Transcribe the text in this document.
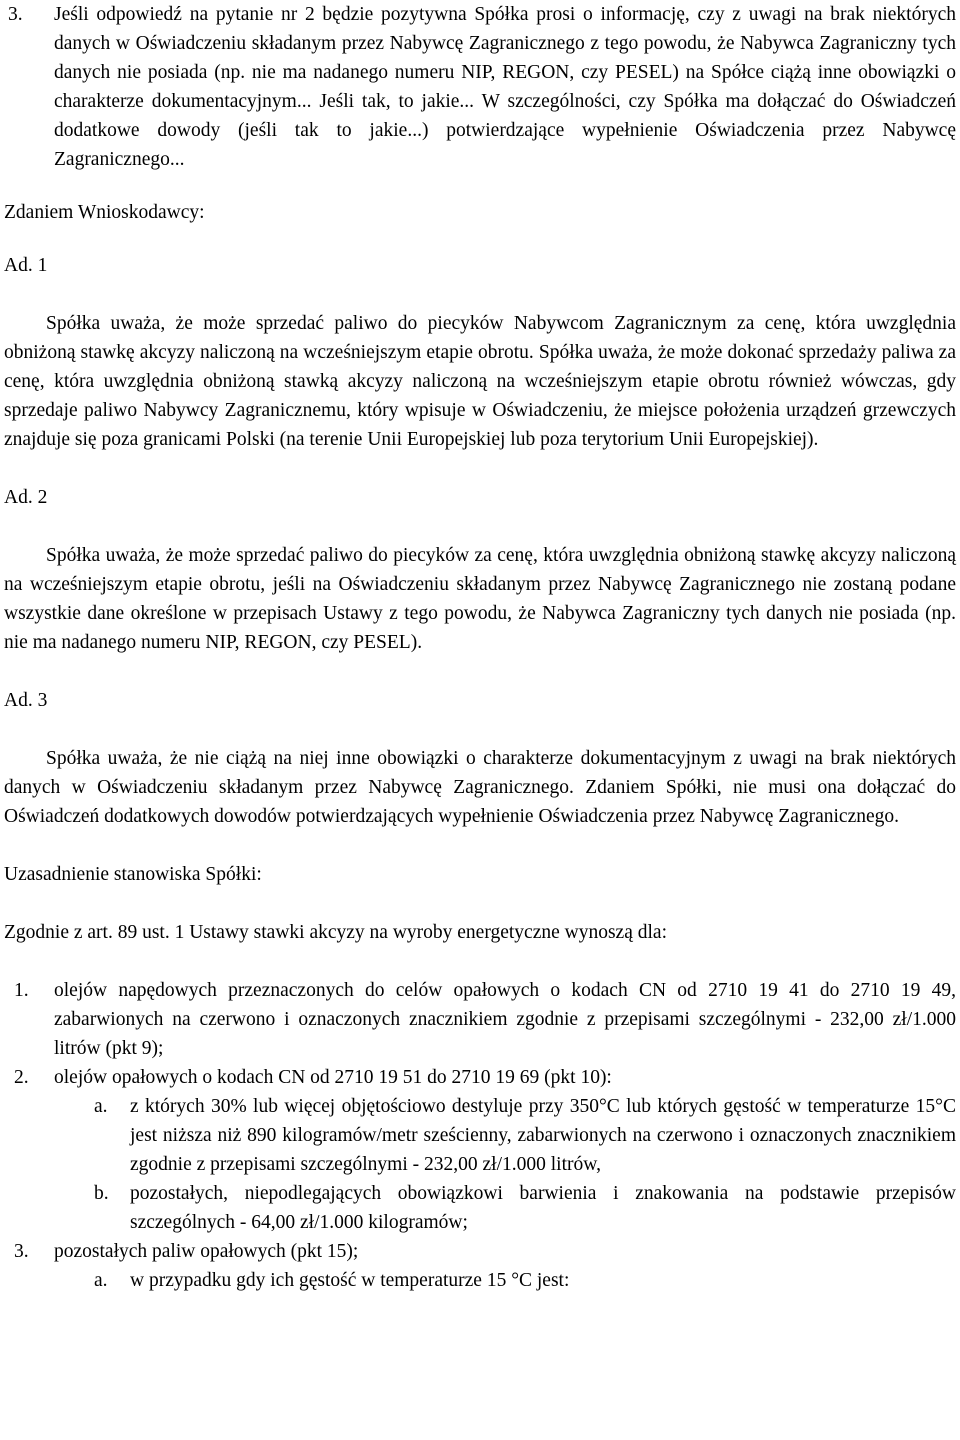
3. Jeśli odpowiedź na pytanie nr 2 będzie pozytywna Spółka prosi o informację, czy z uwagi na brak niektórych danych w Oświadczeniu składanym przez Nabywcę Zagranicznego z tego powodu, że Nabywca Zagraniczny tych danych nie posiada (np. nie ma nadanego numeru NIP, REGON, czy PESEL) na Spółce ciążą inne obowiązki o charakterze dokumentacyjnym... Jeśli tak, to jakie... W szczególności, czy Spółka ma dołączać do Oświadczeń dodatkowe dowody (jeśli tak to jakie...) potwierdzające wypełnienie Oświadczenia przez Nabywcę Zagranicznego...

Zdaniem Wnioskodawcy:

Ad. 1

Spółka uważa, że może sprzedać paliwo do piecyków Nabywcom Zagranicznym za cenę, która uwzględnia obniżoną stawkę akcyzy naliczoną na wcześniejszym etapie obrotu. Spółka uważa, że może dokonać sprzedaży paliwa za cenę, która uwzględnia obniżoną stawką akcyzy naliczoną na wcześniejszym etapie obrotu również wówczas, gdy sprzedaje paliwo Nabywcy Zagranicznemu, który wpisuje w Oświadczeniu, że miejsce położenia urządzeń grzewczych znajduje się poza granicami Polski (na terenie Unii Europejskiej lub poza terytorium Unii Europejskiej).

Ad. 2

Spółka uważa, że może sprzedać paliwo do piecyków za cenę, która uwzględnia obniżoną stawkę akcyzy naliczoną na wcześniejszym etapie obrotu, jeśli na Oświadczeniu składanym przez Nabywcę Zagranicznego nie zostaną podane wszystkie dane określone w przepisach Ustawy z tego powodu, że Nabywca Zagraniczny tych danych nie posiada (np. nie ma nadanego numeru NIP, REGON, czy PESEL).

Ad. 3

Spółka uważa, że nie ciążą na niej inne obowiązki o charakterze dokumentacyjnym z uwagi na brak niektórych danych w Oświadczeniu składanym przez Nabywcę Zagranicznego. Zdaniem Spółki, nie musi ona dołączać do Oświadczeń dodatkowych dowodów potwierdzających wypełnienie Oświadczenia przez Nabywcę Zagranicznego.

Uzasadnienie stanowiska Spółki:

Zgodnie z art. 89 ust. 1 Ustawy stawki akcyzy na wyroby energetyczne wynoszą dla:

1. olejów napędowych przeznaczonych do celów opałowych o kodach CN od 2710 19 41 do 2710 19 49, zabarwionych na czerwono i oznaczonych znacznikiem zgodnie z przepisami szczególnymi - 232,00 zł/1.000 litrów (pkt 9);

2. olejów opałowych o kodach CN od 2710 19 51 do 2710 19 69 (pkt 10):

a. z których 30% lub więcej objętościowo destyluje przy 350°C lub których gęstość w temperaturze 15°C jest niższa niż 890 kilogramów/metr sześcienny, zabarwionych na czerwono i oznaczonych znacznikiem zgodnie z przepisami szczególnymi - 232,00 zł/1.000 litrów,

b. pozostałych, niepodlegających obowiązkowi barwienia i znakowania na podstawie przepisów szczególnych - 64,00 zł/1.000 kilogramów;

3. pozostałych paliw opałowych (pkt 15);

a. w przypadku gdy ich gęstość w temperaturze 15 °C jest:
